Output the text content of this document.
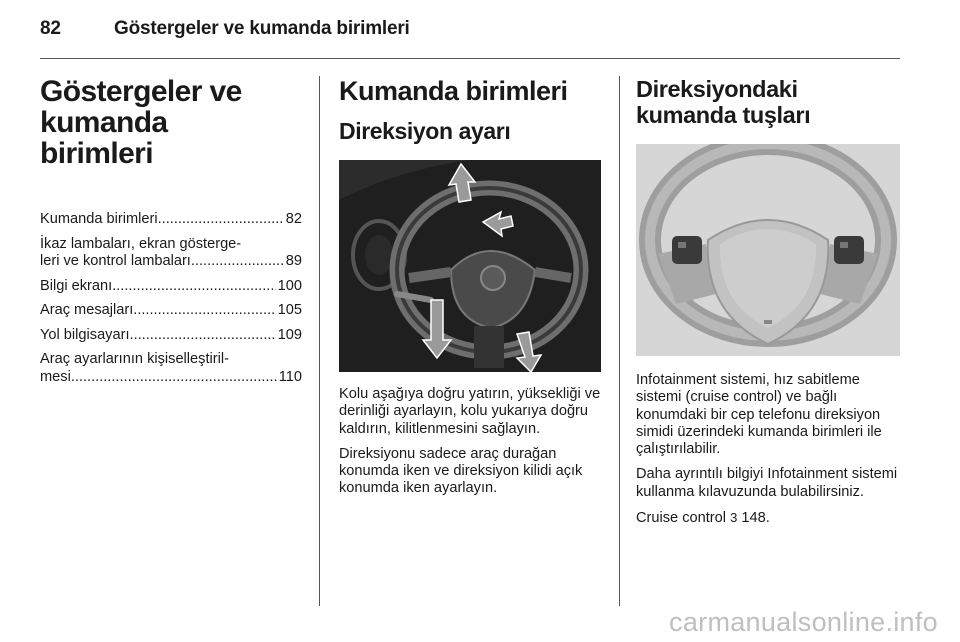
82	Göstergeler ve kumanda birimleri
Göstergeler ve kumanda birimleri
Kumanda birimleri .....	82
İkaz lambaları, ekran gösterge-
leri ve kontrol lambaları .....	89
Bilgi ekranı .....	100
Araç mesajları .....	105
Yol bilgisayarı .....	109
Araç ayarlarının kişiselleştiril-
mesi .....	110
Kumanda birimleri
Direksiyon ayarı

Kolu aşağıya doğru yatırın, yüksekliği ve derinliği ayarlayın, kolu yukarıya doğru kaldırın, kilitlenmesini sağlayın.

Direksiyonu sadece araç durağan konumda iken ve direksiyon kilidi açık konumda iken ayarlayın.

Direksiyondaki kumanda tuşları

Infotainment sistemi, hız sabitleme sistemi (cruise control) ve bağlı konumdaki bir cep telefonu direksiyon simidi üzerindeki kumanda birimleri ile çalıştırılabilir.

Daha ayrıntılı bilgiyi Infotainment sistemi kullanma kılavuzunda bulabilirsiniz.

Cruise control 3 148.

carmanualsonline.info
